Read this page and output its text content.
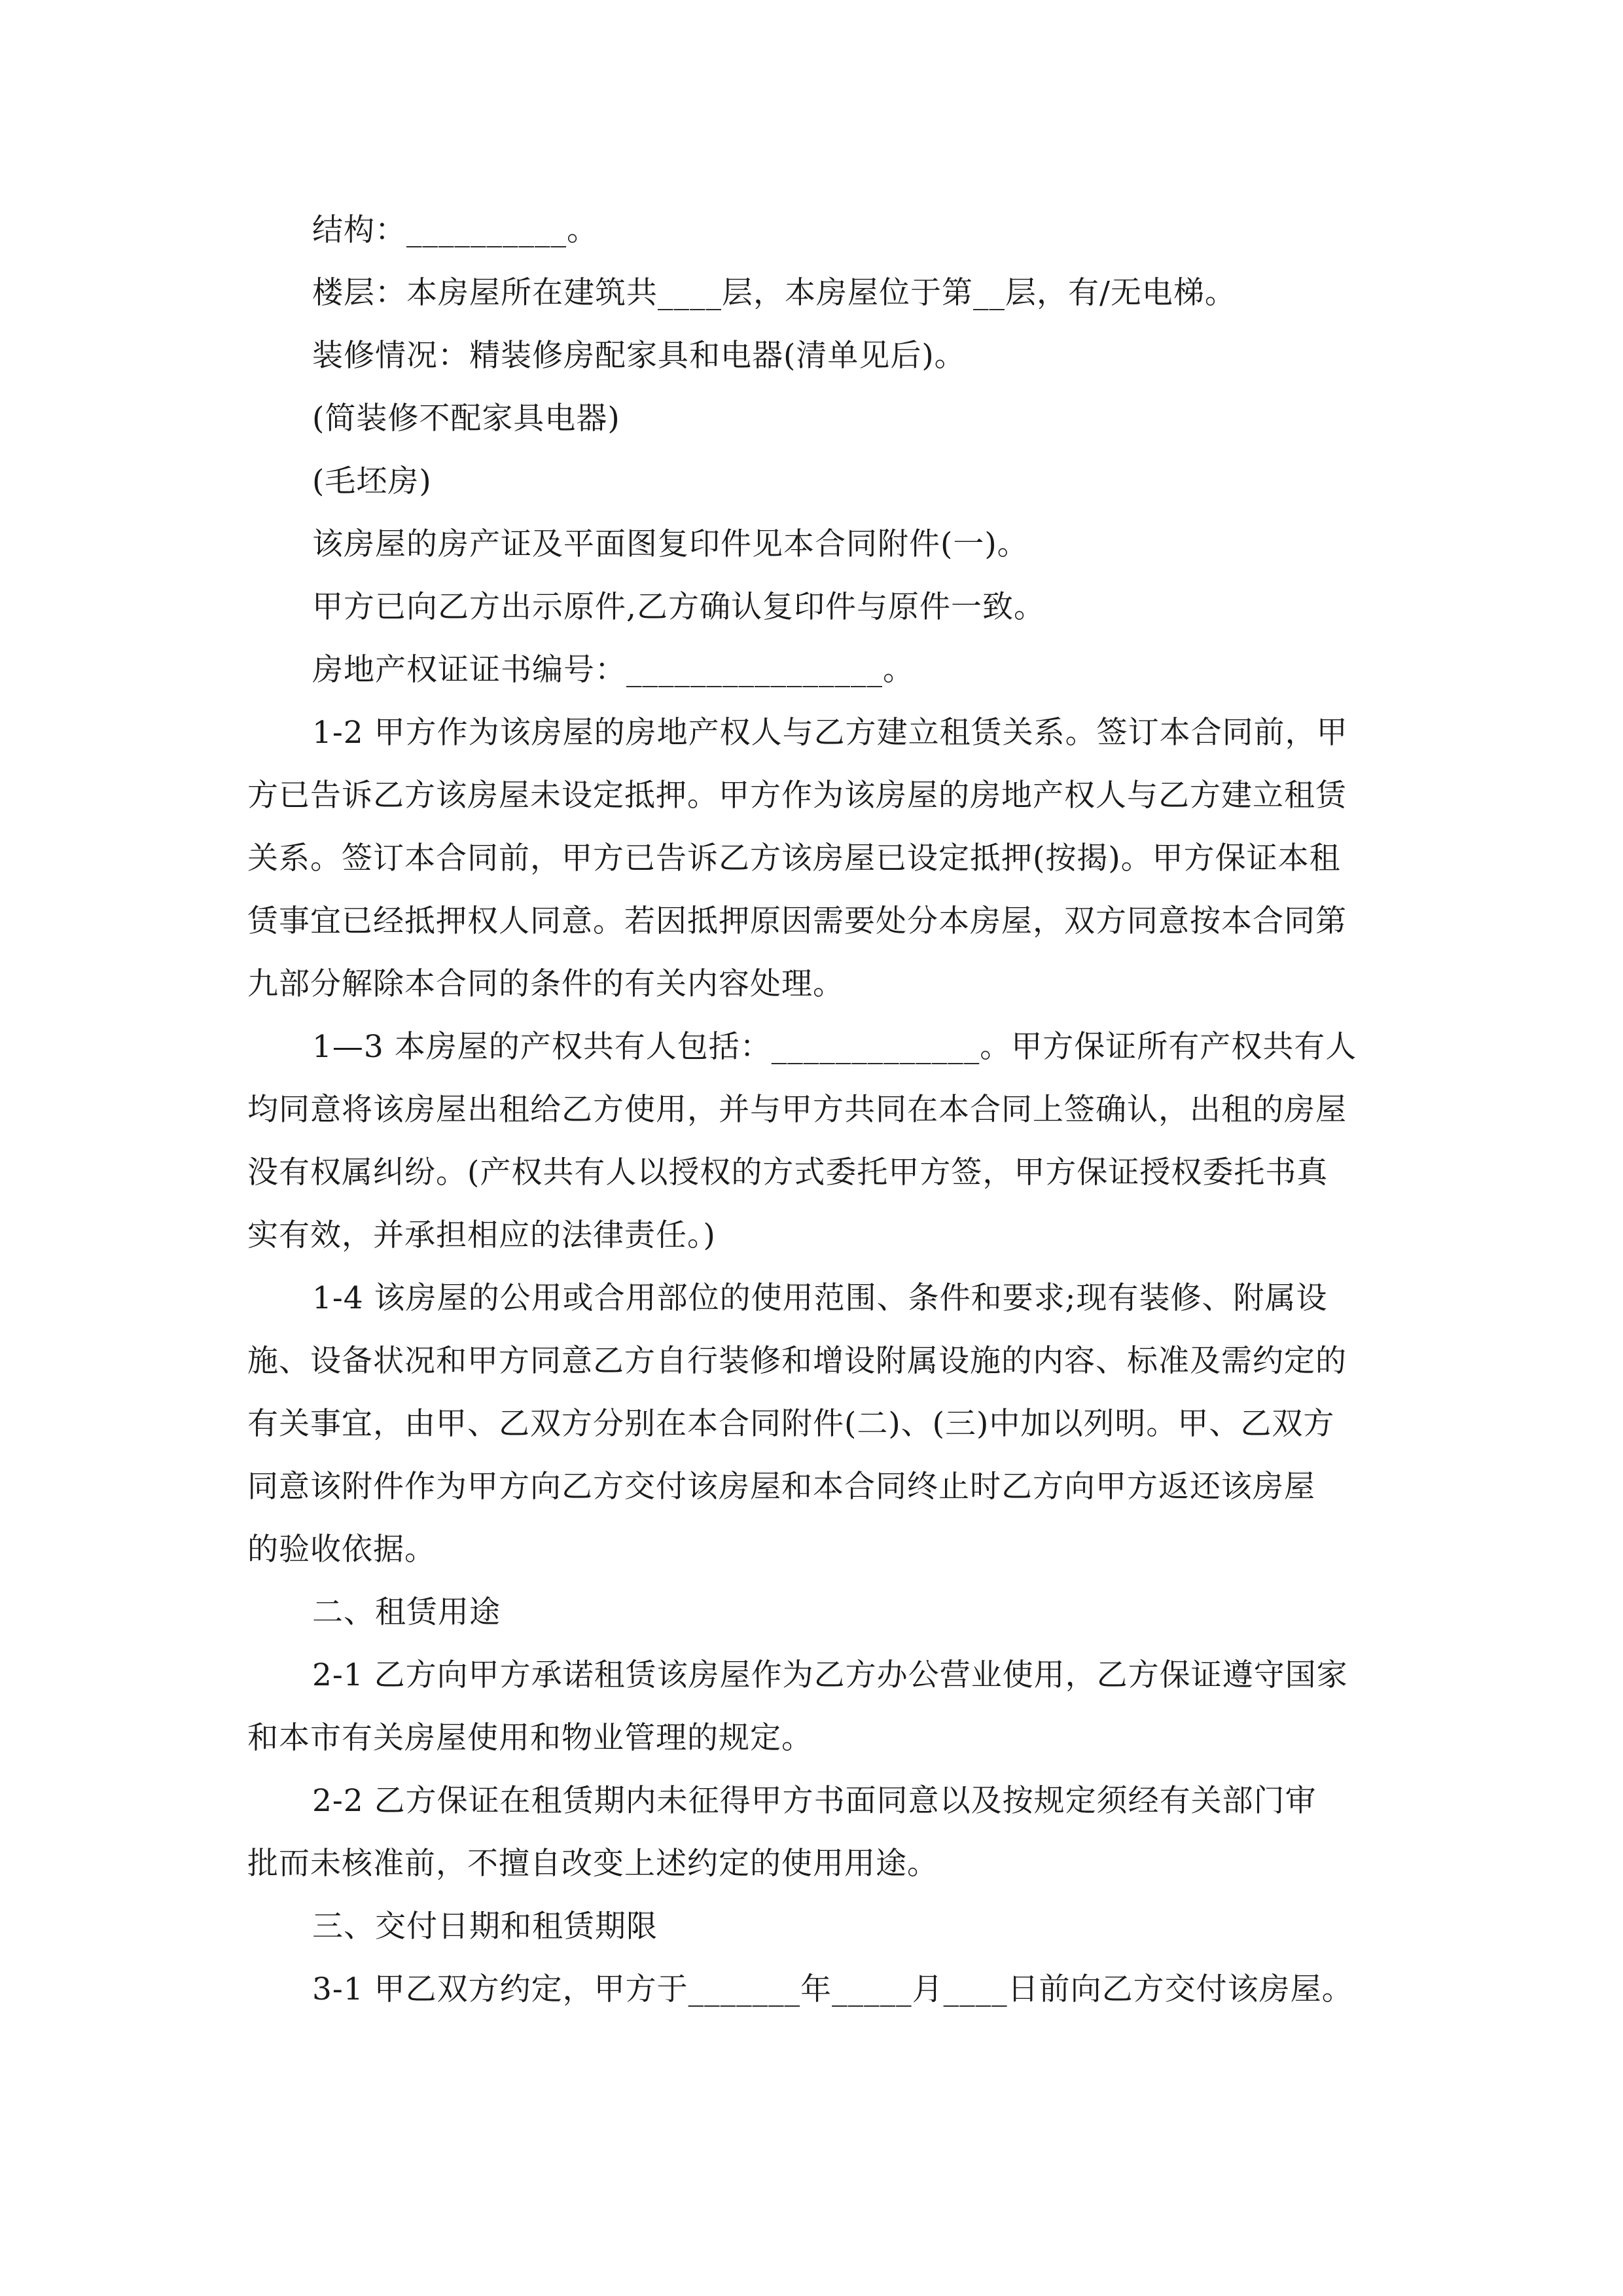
结构：__________。
楼层：本房屋所在建筑共____层，本房屋位于第__层，有/无电梯。
装修情况：精装修房配家具和电器(清单见后)。
(简装修不配家具电器)
(毛坯房)
该房屋的房产证及平面图复印件见本合同附件(一)。
甲方已向乙方出示原件,乙方确认复印件与原件一致。
房地产权证证书编号：________________。
1-2 甲方作为该房屋的房地产权人与乙方建立租赁关系。签订本合同前，甲
方已告诉乙方该房屋未设定抵押。甲方作为该房屋的房地产权人与乙方建立租赁
关系。签订本合同前，甲方已告诉乙方该房屋已设定抵押(按揭)。甲方保证本租
赁事宜已经抵押权人同意。若因抵押原因需要处分本房屋，双方同意按本合同第
九部分解除本合同的条件的有关内容处理。
1—3 本房屋的产权共有人包括：_____________。甲方保证所有产权共有人
均同意将该房屋出租给乙方使用，并与甲方共同在本合同上签确认，出租的房屋
没有权属纠纷。(产权共有人以授权的方式委托甲方签，甲方保证授权委托书真
实有效，并承担相应的法律责任。)
1-4 该房屋的公用或合用部位的使用范围、条件和要求;现有装修、附属设
施、设备状况和甲方同意乙方自行装修和增设附属设施的内容、标准及需约定的
有关事宜，由甲、乙双方分别在本合同附件(二)、(三)中加以列明。甲、乙双方
同意该附件作为甲方向乙方交付该房屋和本合同终止时乙方向甲方返还该房屋
的验收依据。
二、租赁用途
2-1 乙方向甲方承诺租赁该房屋作为乙方办公营业使用，乙方保证遵守国家
和本市有关房屋使用和物业管理的规定。
2-2 乙方保证在租赁期内未征得甲方书面同意以及按规定须经有关部门审
批而未核准前，不擅自改变上述约定的使用用途。
三、交付日期和租赁期限
3-1 甲乙双方约定，甲方于_______年_____月____日前向乙方交付该房屋。
